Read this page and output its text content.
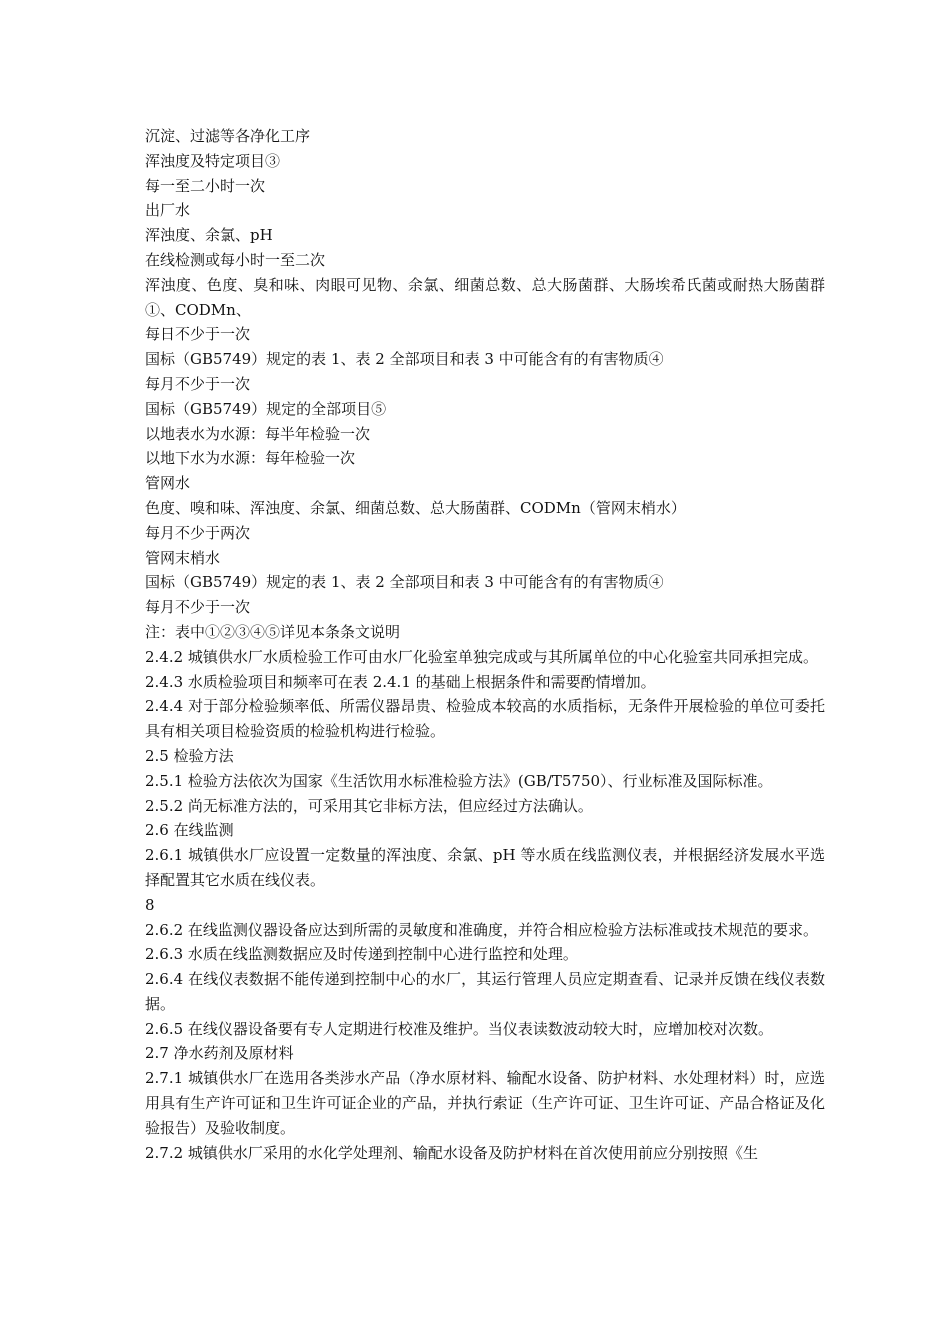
沉淀、过滤等各净化工序
浑浊度及特定项目③
每一至二小时一次
出厂水
浑浊度、余氯、pH
在线检测或每小时一至二次
浑浊度、色度、臭和味、肉眼可见物、余氯、细菌总数、总大肠菌群、大肠埃希氏菌或耐热大肠菌群①、CODMn、
每日不少于一次
国标（GB5749）规定的表 1、表 2 全部项目和表 3 中可能含有的有害物质④
每月不少于一次
国标（GB5749）规定的全部项目⑤
以地表水为水源：每半年检验一次
以地下水为水源：每年检验一次
管网水
色度、嗅和味、浑浊度、余氯、细菌总数、总大肠菌群、CODMn（管网末梢水）
每月不少于两次
管网末梢水
国标（GB5749）规定的表 1、表 2 全部项目和表 3 中可能含有的有害物质④
每月不少于一次
注：表中①②③④⑤详见本条条文说明
2.4.2 城镇供水厂水质检验工作可由水厂化验室单独完成或与其所属单位的中心化验室共同承担完成。
2.4.3 水质检验项目和频率可在表 2.4.1 的基础上根据条件和需要酌情增加。
2.4.4 对于部分检验频率低、所需仪器昂贵、检验成本较高的水质指标，无条件开展检验的单位可委托具有相关项目检验资质的检验机构进行检验。
2.5 检验方法
2.5.1 检验方法依次为国家《生活饮用水标准检验方法》(GB/T5750）、行业标准及国际标准。
2.5.2 尚无标准方法的，可采用其它非标方法，但应经过方法确认。
2.6 在线监测
2.6.1 城镇供水厂应设置一定数量的浑浊度、余氯、pH 等水质在线监测仪表，并根据经济发展水平选择配置其它水质在线仪表。
8
2.6.2 在线监测仪器设备应达到所需的灵敏度和准确度，并符合相应检验方法标准或技术规范的要求。
2.6.3 水质在线监测数据应及时传递到控制中心进行监控和处理。
2.6.4 在线仪表数据不能传递到控制中心的水厂，其运行管理人员应定期查看、记录并反馈在线仪表数据。
2.6.5 在线仪器设备要有专人定期进行校准及维护。当仪表读数波动较大时，应增加校对次数。
2.7 净水药剂及原材料
2.7.1 城镇供水厂在选用各类涉水产品（净水原材料、输配水设备、防护材料、水处理材料）时，应选用具有生产许可证和卫生许可证企业的产品，并执行索证（生产许可证、卫生许可证、产品合格证及化验报告）及验收制度。
2.7.2 城镇供水厂采用的水化学处理剂、输配水设备及防护材料在首次使用前应分别按照《生
